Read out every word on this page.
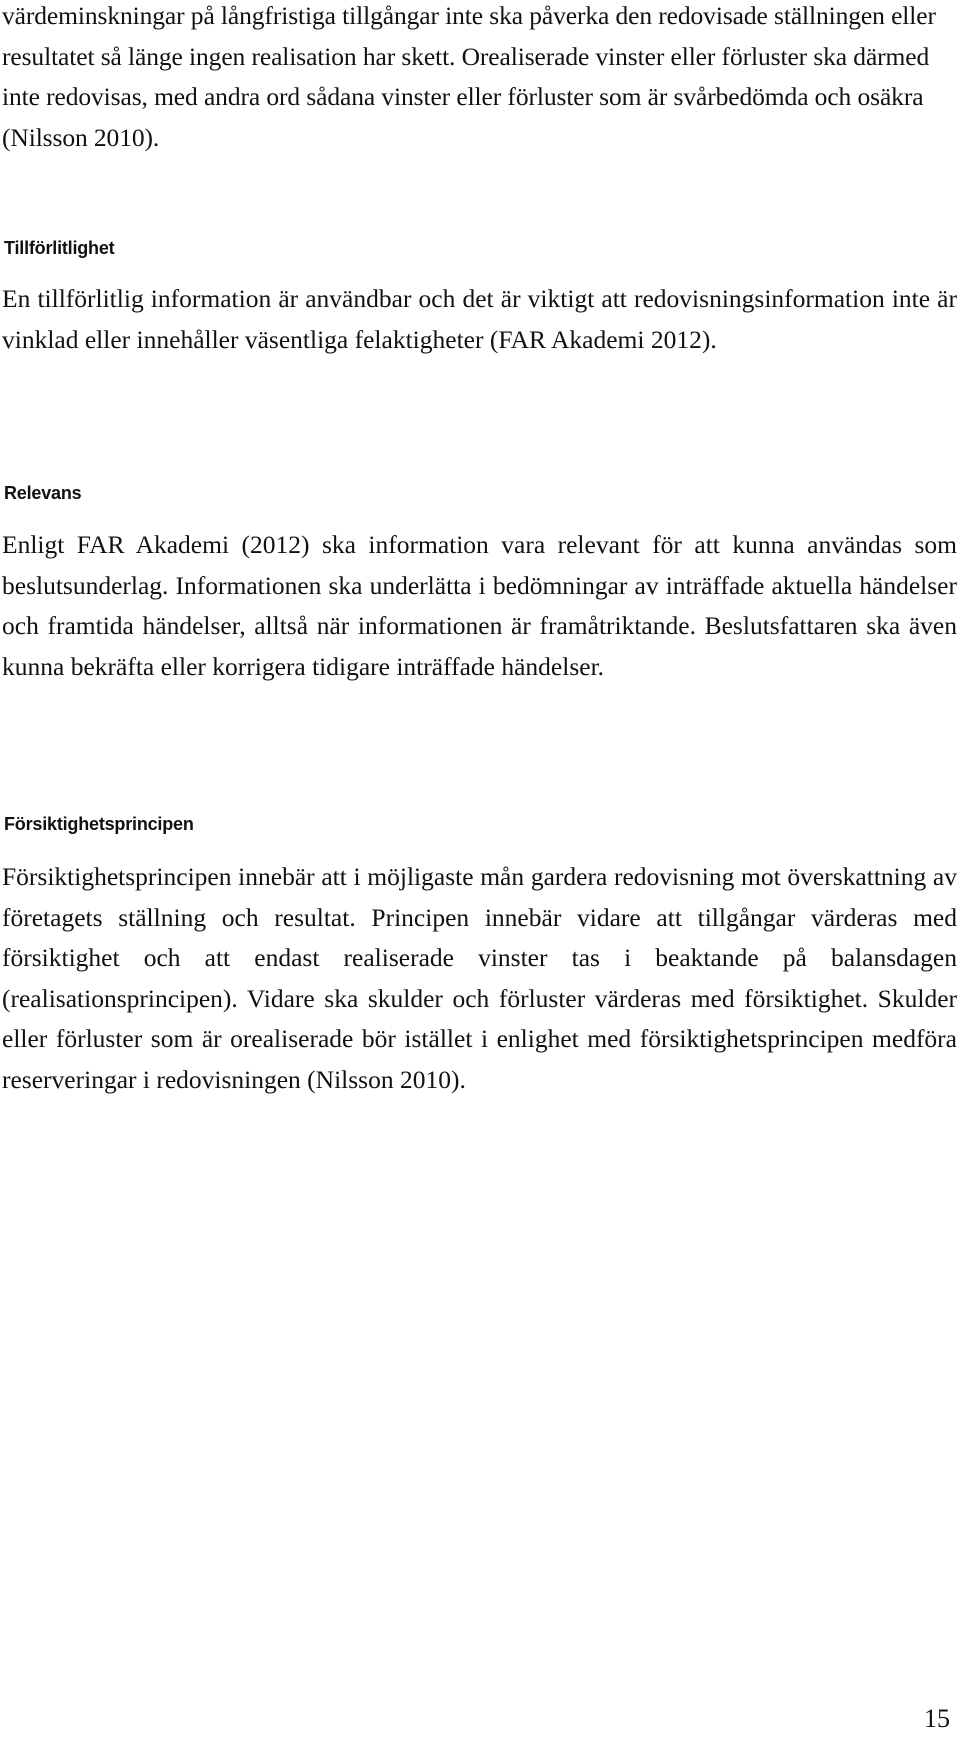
värdeminskningar på långfristiga tillgångar inte ska påverka den redovisade ställningen eller resultatet så länge ingen realisation har skett. Orealiserade vinster eller förluster ska därmed inte redovisas, med andra ord sådana vinster eller förluster som är svårbedömda och osäkra (Nilsson 2010).

Tillförlitlighet

En tillförlitlig information är användbar och det är viktigt att redovisningsinformation inte är vinklad eller innehåller väsentliga felaktigheter (FAR Akademi 2012).

Relevans

Enligt FAR Akademi (2012) ska information vara relevant för att kunna användas som beslutsunderlag. Informationen ska underlätta i bedömningar av inträffade aktuella händelser och framtida händelser, alltså när informationen är framåtriktande. Beslutsfattaren ska även kunna bekräfta eller korrigera tidigare inträffade händelser.

Försiktighetsprincipen

Försiktighetsprincipen innebär att i möjligaste mån gardera redovisning mot överskattning av företagets ställning och resultat. Principen innebär vidare att tillgångar värderas med försiktighet och att endast realiserade vinster tas i beaktande på balansdagen (realisationsprincipen). Vidare ska skulder och förluster värderas med försiktighet. Skulder eller förluster som är orealiserade bör istället i enlighet med försiktighetsprincipen medföra reserveringar i redovisningen (Nilsson 2010).

15
